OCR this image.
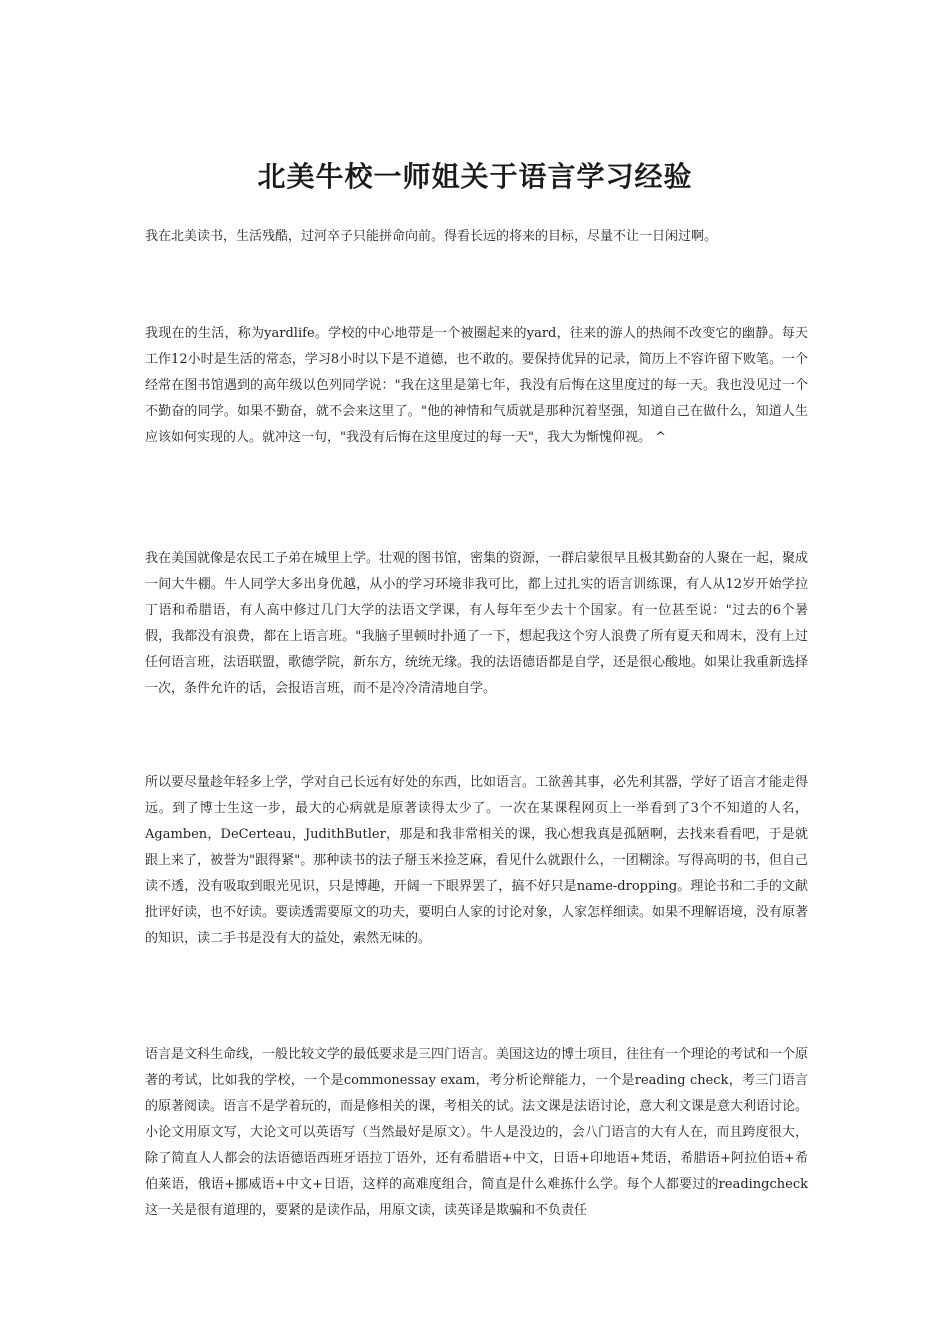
北美牛校一师姐关于语言学习经验

我在北美读书，生活残酷，过河卒子只能拼命向前。得看长远的将来的目标，尽量不让一日闲过啊。

我现在的生活，称为yardlife。学校的中心地带是一个被圈起来的yard，往来的游人的热闹不改变它的幽静。每天工作12小时是生活的常态，学习8小时以下是不道德，也不敢的。要保持优异的记录，简历上不容许留下败笔。一个经常在图书馆遇到的高年级以色列同学说："我在这里是第七年，我没有后悔在这里度过的每一天。我也没见过一个不勤奋的同学。如果不勤奋，就不会来这里了。"他的神情和气质就是那种沉着坚强，知道自己在做什么，知道人生应该如何实现的人。就冲这一句，"我没有后悔在这里度过的每一天"，我大为惭愧仰视。 ^

我在美国就像是农民工子弟在城里上学。壮观的图书馆，密集的资源，一群启蒙很早且极其勤奋的人聚在一起，聚成一间大牛棚。牛人同学大多出身优越，从小的学习环境非我可比，都上过扎实的语言训练课，有人从12岁开始学拉丁语和希腊语，有人高中修过几门大学的法语文学课，有人每年至少去十个国家。有一位甚至说："过去的6个暑假，我都没有浪费，都在上语言班。"我脑子里顿时扑通了一下，想起我这个穷人浪费了所有夏天和周末，没有上过任何语言班，法语联盟，歌德学院，新东方，统统无缘。我的法语德语都是自学，还是很心酸地。如果让我重新选择一次，条件允许的话，会报语言班，而不是冷冷清清地自学。

所以要尽量趁年轻多上学，学对自己长远有好处的东西，比如语言。工欲善其事，必先利其器，学好了语言才能走得远。到了博士生这一步，最大的心病就是原著读得太少了。一次在某课程网页上一举看到了3个不知道的人名，Agamben，DeCerteau，JudithButler，那是和我非常相关的课，我心想我真是孤陋啊，去找来看看吧，于是就跟上来了，被誉为"跟得紧"。那种读书的法子掰玉米捡芝麻，看见什么就跟什么，一团糊涂。写得高明的书，但自己读不透，没有吸取到眼光见识，只是博趣，开阔一下眼界罢了，搞不好只是name-dropping。理论书和二手的文献批评好读，也不好读。要读透需要原文的功夫，要明白人家的讨论对象，人家怎样细读。如果不理解语境，没有原著的知识，读二手书是没有大的益处，索然无味的。

语言是文科生命线，一般比较文学的最低要求是三四门语言。美国这边的博士项目，往往有一个理论的考试和一个原著的考试，比如我的学校，一个是commonessay exam，考分析论辩能力，一个是reading check，考三门语言的原著阅读。语言不是学着玩的，而是修相关的课，考相关的试。法文课是法语讨论，意大利文课是意大利语讨论。小论文用原文写，大论文可以英语写（当然最好是原文）。牛人是没边的，会八门语言的大有人在，而且跨度很大，除了简直人人都会的法语德语西班牙语拉丁语外，还有希腊语+中文，日语+印地语+梵语，希腊语+阿拉伯语+希伯莱语，俄语+挪威语+中文+日语，这样的高难度组合，简直是什么难拣什么学。每个人都要过的readingcheck这一关是很有道理的，要紧的是读作品，用原文读，读英译是欺骗和不负责任
